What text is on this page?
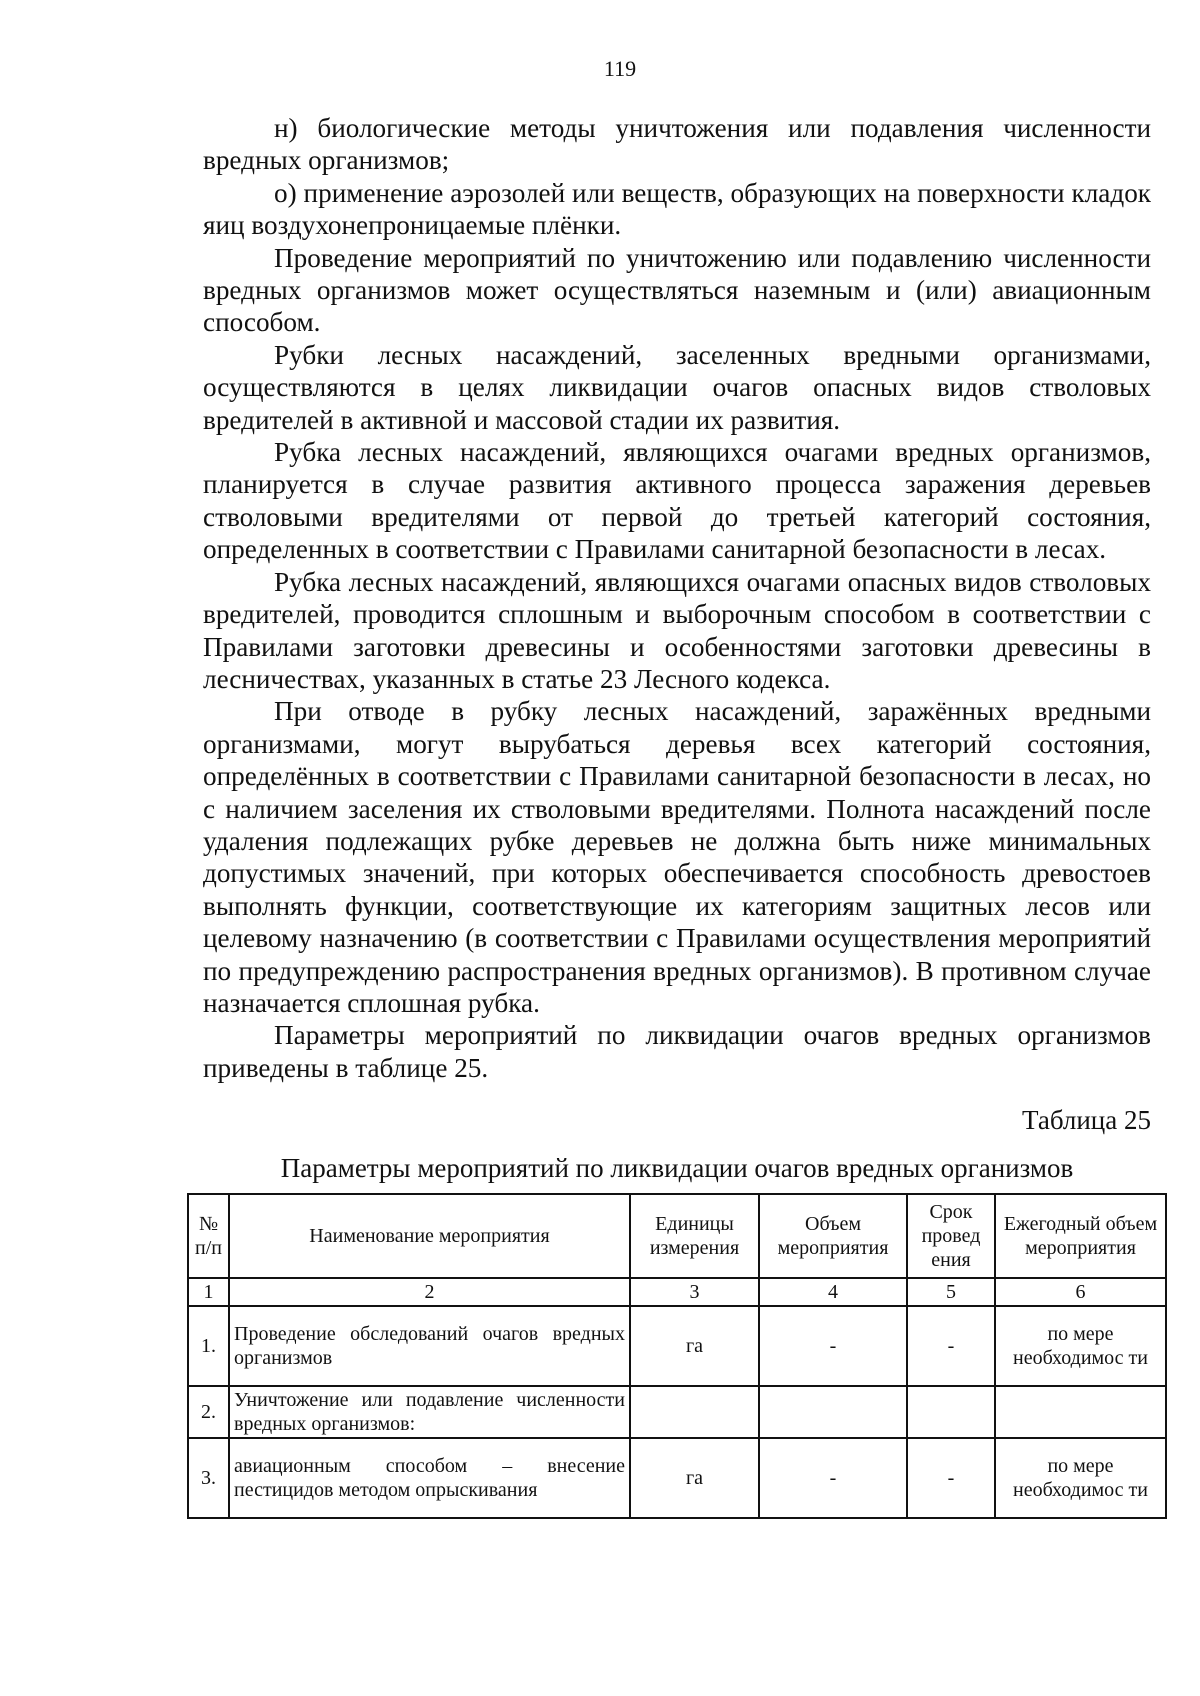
119

н) биологические методы уничтожения или подавления численности вредных организмов;

о) применение аэрозолей или веществ, образующих на поверхности кладок яиц воздухонепроницаемые плёнки.

Проведение мероприятий по уничтожению или подавлению численности вредных организмов может осуществляться наземным и (или) авиационным способом.

Рубки лесных насаждений, заселенных вредными организмами, осуществляются в целях ликвидации очагов опасных видов стволовых вредителей в активной и массовой стадии их развития.

Рубка лесных насаждений, являющихся очагами вредных организмов, планируется в случае развития активного процесса заражения деревьев стволовыми вредителями от первой до третьей категорий состояния, определенных в соответствии с Правилами санитарной безопасности в лесах.

Рубка лесных насаждений, являющихся очагами опасных видов стволовых вредителей, проводится сплошным и выборочным способом в соответствии с Правилами заготовки древесины и особенностями заготовки древесины в лесничествах, указанных в статье 23 Лесного кодекса.

При отводе в рубку лесных насаждений, заражённых вредными организмами, могут вырубаться деревья всех категорий состояния, определённых в соответствии с Правилами санитарной безопасности в лесах, но с наличием заселения их стволовыми вредителями. Полнота насаждений после удаления подлежащих рубке деревьев не должна быть ниже минимальных допустимых значений, при которых обеспечивается способность древостоев выполнять функции, соответствующие их категориям защитных лесов или целевому назначению (в соответствии с Правилами осуществления мероприятий по предупреждению распространения вредных организмов). В противном случае назначается сплошная рубка.

Параметры мероприятий по ликвидации очагов вредных организмов приведены в таблице 25.

Таблица 25
Параметры мероприятий по ликвидации очагов вредных организмов
№ п/п	Наименование мероприятия	Единицы измерения	Объем мероприятия	Срок провед ения	Ежегодный объем мероприятия
1	2	3	4	5	6
1.	Проведение обследований очагов вредных организмов	га	-	-	по мере необходимос ти
2.	Уничтожение или подавление численности вредных организмов:				
3.	авиационным способом – внесение пестицидов методом опрыскивания	га	-	-	по мере необходимос ти
